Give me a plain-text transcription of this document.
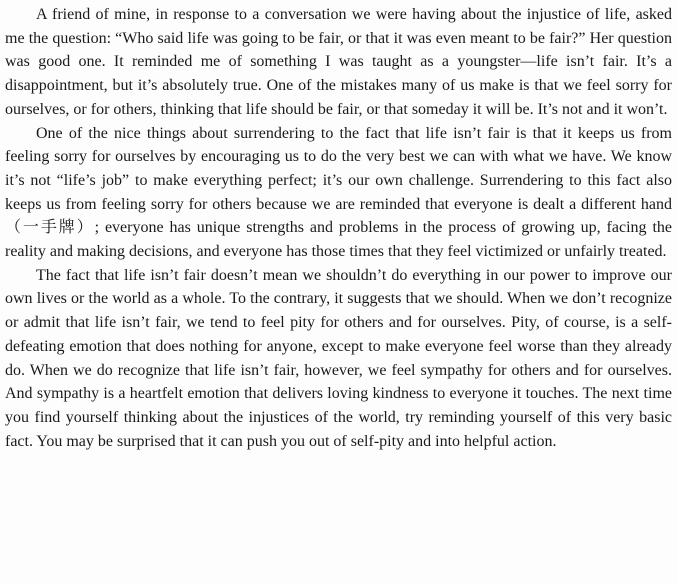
A friend of mine, in response to a conversation we were having about the injustice of life, asked me the question: “Who said life was going to be fair, or that it was even meant to be fair?” Her question was good one. It reminded me of something I was taught as a youngster—life isn’t fair. It’s a disappointment, but it’s absolutely true. One of the mistakes many of us make is that we feel sorry for ourselves, or for others, thinking that life should be fair, or that someday it will be. It’s not and it won’t.

One of the nice things about surrendering to the fact that life isn’t fair is that it keeps us from feeling sorry for ourselves by encouraging us to do the very best we can with what we have. We know it’s not “life’s job” to make everything perfect; it’s our own challenge. Surrendering to this fact also keeps us from feeling sorry for others because we are reminded that everyone is dealt a different hand（一手牌）; everyone has unique strengths and problems in the process of growing up, facing the reality and making decisions, and everyone has those times that they feel victimized or unfairly treated.

The fact that life isn’t fair doesn’t mean we shouldn’t do everything in our power to improve our own lives or the world as a whole. To the contrary, it suggests that we should. When we don’t recognize or admit that life isn’t fair, we tend to feel pity for others and for ourselves. Pity, of course, is a self-defeating emotion that does nothing for anyone, except to make everyone feel worse than they already do. When we do recognize that life isn’t fair, however, we feel sympathy for others and for ourselves. And sympathy is a heartfelt emotion that delivers loving kindness to everyone it touches. The next time you find yourself thinking about the injustices of the world, try reminding yourself of this very basic fact. You may be surprised that it can push you out of self-pity and into helpful action.
